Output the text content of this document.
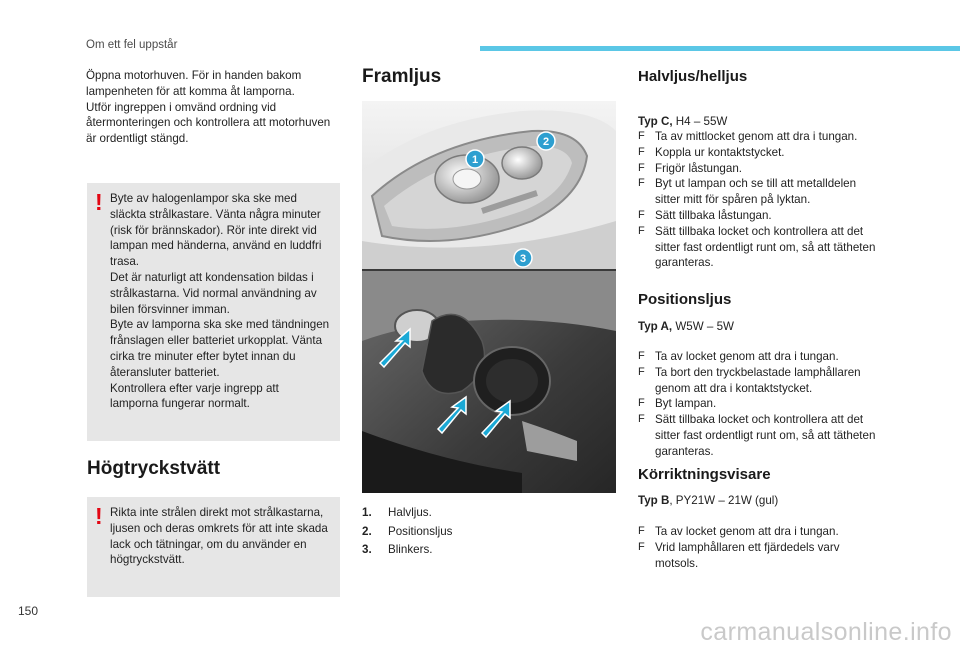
Om ett fel uppstår

Öppna motorhuven. För in handen bakom

lampenheten för att komma åt lamporna.

Utför ingreppen i omvänd ordning vid

återmonteringen och kontrollera att motorhuven

är ordentligt stängd.

! Byte av halogenlampor ska ske med

släckta strålkastare. Vänta några minuter

(risk för brännskador). Rör inte direkt vid

lampan med händerna, använd en luddfri

trasa.

Det är naturligt att kondensation bildas i

strålkastarna. Vid normal användning av

bilen försvinner imman.

Byte av lamporna ska ske med tändningen

frånslagen eller batteriet urkopplat. Vänta

cirka tre minuter efter bytet innan du

återansluter batteriet.

Kontrollera efter varje ingrepp att

lamporna fungerar normalt.

Högtryckstvätt
! Rikta inte strålen direkt mot strålkastarna,

ljusen och deras omkrets för att inte skada

lack och tätningar, om du använder en

högtryckstvätt.

Framljus
1
2
3
1.	Halvljus.
2.	Positionsljus
3.	Blinkers.
Halvljus/helljus
Typ C, H4 – 55W
F Ta av mittlocket genom att dra i tungan.
F Koppla ur kontaktstycket.
F Frigör låstungan.
F Byt ut lampan och se till att metalldelen
sitter mitt för spåren på lyktan.
F Sätt tillbaka låstungan.
F Sätt tillbaka locket och kontrollera att det
sitter fast ordentligt runt om, så att tätheten
garanteras.
Positionsljus
Typ A, W5W – 5W
F Ta av locket genom att dra i tungan.
F Ta bort den tryckbelastade lamphållaren
genom att dra i kontaktstycket.
F Byt lampan.
F Sätt tillbaka locket och kontrollera att det
sitter fast ordentligt runt om, så att tätheten
garanteras.
Körriktningsvisare
Typ B, PY21W – 21W (gul)
F Ta av locket genom att dra i tungan.
F Vrid lamphållaren ett fjärdedels varv
motsols.
150
carmanualsonline.info
